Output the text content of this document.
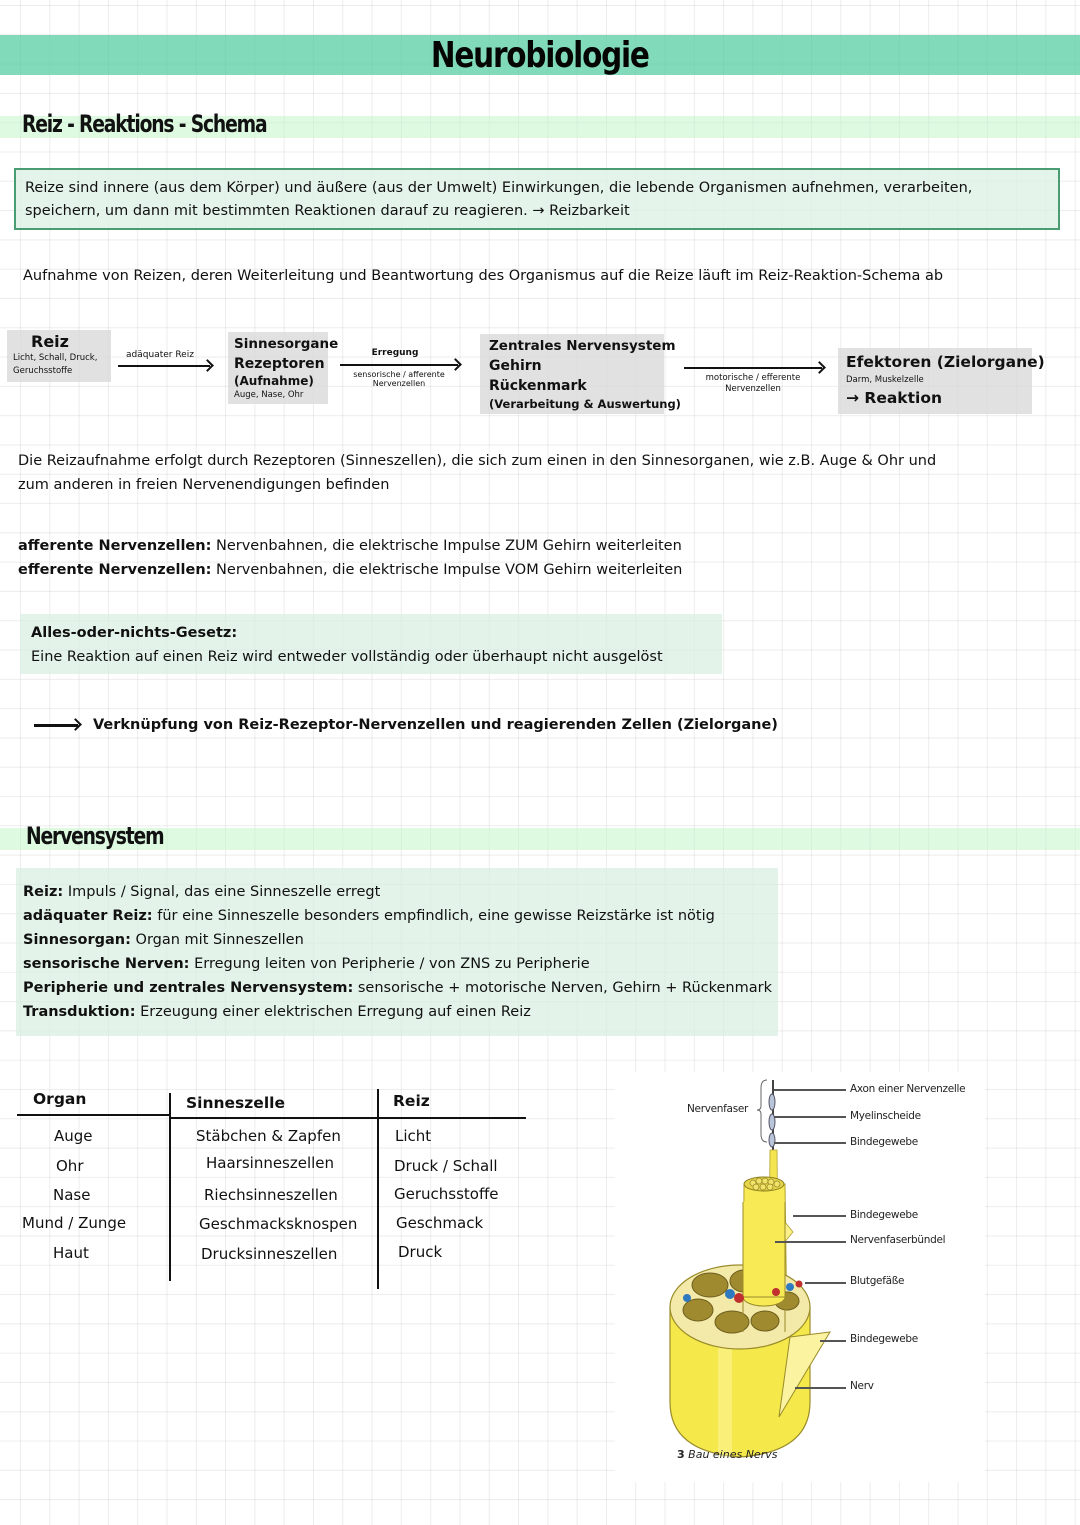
Neurobiologie
Reiz - Reaktions - Schema
Reize sind innere (aus dem Körper) und äußere (aus der Umwelt) Einwirkungen, die lebende Organismen aufnehmen, verarbeiten,
speichern, um dann mit bestimmten Reaktionen darauf zu reagieren. → Reizbarkeit
Aufnahme von Reizen, deren Weiterleitung und Beantwortung des Organismus auf die Reize läuft im Reiz-Reaktion-Schema ab
Reiz
Licht, Schall, Druck,
Geruchsstoffe
adäquater Reiz
Sinnesorgane
Rezeptoren
(Aufnahme)
Auge, Nase, Ohr
Erregung
sensorische / afferente
Nervenzellen
Zentrales Nervensystem
Gehirn
Rückenmark
(Verarbeitung & Auswertung)
motorische / efferente
Nervenzellen
Efektoren (Zielorgane)
Darm, Muskelzelle
→ Reaktion
Die Reizaufnahme erfolgt durch Rezeptoren (Sinneszellen), die sich zum einen in den Sinnesorganen, wie z.B. Auge & Ohr und
zum anderen in freien Nervenendigungen befinden
afferente Nervenzellen: Nervenbahnen, die elektrische Impulse ZUM Gehirn weiterleiten
efferente Nervenzellen: Nervenbahnen, die elektrische Impulse VOM Gehirn weiterleiten
Alles-oder-nichts-Gesetz:
Eine Reaktion auf einen Reiz wird entweder vollständig oder überhaupt nicht ausgelöst
Verknüpfung von Reiz-Rezeptor-Nervenzellen und reagierenden Zellen (Zielorgane)
Nervensystem
Reiz: Impuls / Signal, das eine Sinneszelle erregt
adäquater Reiz: für eine Sinneszelle besonders empfindlich, eine gewisse Reizstärke ist nötig
Sinnesorgan: Organ mit Sinneszellen
sensorische Nerven: Erregung leiten von Peripherie / von ZNS zu Peripherie
Peripherie und zentrales Nervensystem: sensorische + motorische Nerven, Gehirn + Rückenmark
Transduktion: Erzeugung einer elektrischen Erregung auf einen Reiz
Organ	Sinneszelle	Reiz
Auge	Stäbchen & Zapfen	Licht
Ohr	Haarsinneszellen	Druck / Schall
Nase	Riechsinneszellen	Geruchsstoffe
Mund / Zunge	Geschmacksknospen	Geschmack
Haut	Drucksinneszellen	Druck
Axon einer Nervenzelle
Myelinscheide
Bindegewebe
Nervenfaser
Bindegewebe
Nervenfaserbündel
Blutgefäße
Bindegewebe
Nerv
3 Bau eines Nervs
